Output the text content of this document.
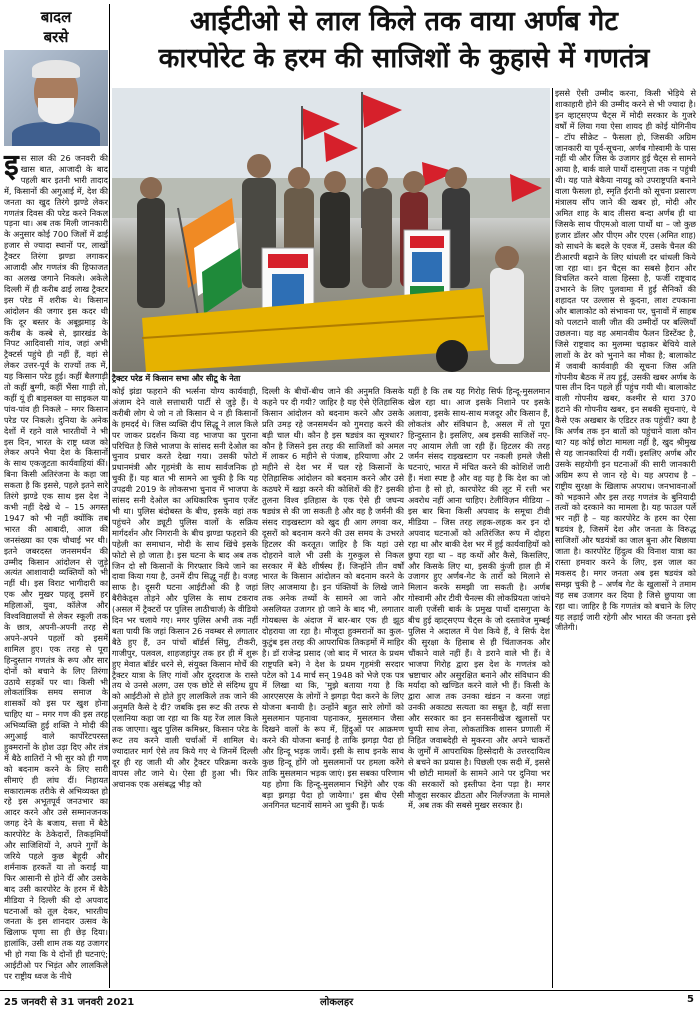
बादल
बरसे	आईटीओ से लाल किले तक वाया अर्णब गेट
कारपोरेट के हरम की साजिशों के कुहासे में गणतंत्र
ट्रैक्टर परेड में किसान सभा और सीटू के नेता
इस साल की 26 जनवरी की खास बात, आजादी के बाद पहली बार इतनी भारी तादाद में, किसानों की अगुआई में, देश की जनता का खुद तिरंगे झण्डे लेकर गणतंत्र दिवस की परेड करने निकल पड़ना था। अब तक मिली जानकारी के अनुसार कोई 700 जिलों में ढाई हजार से ज्यादा स्थानों पर, लाखों ट्रैक्टर तिरंगा झण्डा लगाकर आजादी और गणतंत्र की हिफाजत का अलख जगाने निकले। अकेले दिल्ली में ही करीब ढाई लाख ट्रैक्टर इस परेड में शरीक थे। किसान आंदोलन की जगार इस कदर थी कि दूर बस्तर के अबूझमाड़ के करीब के कस्बे से, झारखंड के निपट आदिवासी गांव, जहां अभी ट्रैक्टर्स पहुंचे ही नहीं हैं, वहां से लेकर उत्तर-पूर्व के राज्यों तक में, यह किसान परेड हुई। कहीं बैलगाड़ी तो कहीं बुग्गी, कहीं भैंसा गाड़ी तो, कहीं यूं ही बाइसक्ल या साइकल या पांव-पांव ही निकले – मगर किसान परेड पर निकले। दुनिया के अनेक देशों में रहने वाले भारतीयों ने भी इस दिन, भारत के राष्ट्र ध्वज को लेकर अपने भैया देश के किसानों के साथ एकजुटता कार्यवाहियां कीं। बिना किसी अतिरंजना के कहा जा सकता है कि इससे, पहले इतने सारे तिरंगे झण्डे एक साथ इस देश ने कभी नहीं देखे थे – 15 अगस्त 1947 को भी नहीं क्योंकि तब भारत की आबादी, आज की जनसंख्या का एक चौथाई भर थी। इतने जबरदस्त जनसमर्थन की उम्मीद किसान आंदोलन से जुड़े अत्यंत आशावादी व्यक्तियों को भी नहीं थी। इस विराट भागीदारी का एक और मुखर पहलू इसमें हर महिलाओं, युवा, कॉलेज और विश्वविद्यालयों से लेकर स्कूली तक के छात्र, अपनी-अपनी तरह से अपने-अपने पहलों को इसमें शामिल हुए। एक तरह से पूरा हिन्दुस्तान गणतंत्र के रूप और सार दोनों को बचाने के लिए तिरंगा उठाये सड़कों पर था। किसी भी लोकतांत्रिक समय समाज के शासकों को इस पर खुश होना चाहिए था – मगर गण की इस तरह अभिव्यक्ति हुई शक्ति ने मोदी की अगुआई वाले कार्पोरेटपरस्त हुक्मरानों के होश उड़ा दिए और तंत्र में बैठे शातिरों ने भी सुर को ही गण को बदनाम करने के लिए सारी सीमाएं ही लांघ दीं। निहायत सकारात्मक तरीके से अभिव्यक्त हो रहे इस अभूतपूर्व जनउभार का आदर करने और उसे सम्मानजनक जगह देने के बजाय, सत्ता में बैठे कारपोरेट के ठेकेदारों, तिकड़मियों और साजिशियों ने, अपने गुर्गों के जरिये पहले कुछ बेहूदी और शर्मनाक हरकतें या तो कराईं या फिर आसानी से होने दीं और उसके बाद उसी कारपोरेट के हरम में बैठे मीडिया ने दिल्ली की दो अपवाद घटनाओं को तूल देकर, भारतीय जनता के इस शानदार उत्सव के खिलाफ घृणा सा ही छेड़ दिया। हालांकि, उसी शाम तक यह उजागर भी हो गया कि ये दोनों ही घटनाएं; आईटीओ पर भिड़ंत और लालकिले पर राष्ट्रीय ध्वज के नीचे
कोई झंडा फहराने की भर्त्सना योग्य कार्यवाही, अंजाम देने वाले सत्ताधारी पार्टी से जुड़े हैं। ये करीबी लोग थे जो न तो किसान थे न ही किसानों के हमदर्द थे। जिस व्यक्ति दीप सिद्धू ने लाल किले पर जाकर प्रदर्शन किया वह भाजपा का पुराना परिचित है जिसे भाजपा के सांसद सनी देओल का चुनाव प्रचार करते देखा गया। उसकी फोटो प्रधानमंत्री और गृहमंत्री के साथ सार्वजनिक हो चुकी हैं। यह बात भी सामने आ चुकी है कि यह उपद्रवी 2019 के लोकसभा चुनाव में भाजपा के सांसद सनी देओल का अधिकारिक चुनाव एजेंट भी था। पुलिस बंदोबस्त के बीच, इसके वहां तक पहुंचने और ड्यूटी पुलिस वालों के सक्रिय मार्गदर्शन और निगरानी के बीच झण्डा फहराने की पहेली का समाधान, मोदी के साथ खिंचे इसके फोटो से हो जाता है। इस घटना के बाद अब तक जिन दो सौ किसानों के गिरफ्तार किये जाने का दावा किया गया है, उनमें दीप सिद्धू नहीं है। वजह साफ है। दूसरी घटना आईटीओ की है जहां बैरीकेड्स तोड़ने और पुलिस के साथ टकराव (असल में ट्रैक्टरों पर पुलिस लाठीचार्ज) के वीडियो दिन भर चलाये गए। मगर पुलिस अभी तक नहीं बता पायी कि जहां किसान 26 नवम्बर से लगातार बैठे हुए हैं, उन पांचों बॉर्डर्स सिंघु, टीकरी, गाजीपुर, पलवल, शाहजहांपुर तक हर ही में शुरू हुए मेवात बॉर्डर धरने से, संयुक्त किसान मोर्चे की ट्रैक्टर यात्रा के लिए गांवों और दूरदराज के रास्ते तय थे उनसे अलग, उस एक छोटे से संदिग्ध ग्रुप को आईटीओ से होते हुए लालकिले तक जाने की अनुमति कैसे दे दी? जबकि इस रूट की तरफ से एलानिया कहा जा रहा था कि यह रेंज लाल किले तक जाएगा। खुद पुलिस कमिश्नर, किसान परेड के रूट तय करने वाली चर्चाओं में शामिल थे। ज्यादातर मार्ग ऐसे तय किये गए थे जिनमें दिल्ली दूर ही रह जाती थी और ट्रैक्टर परिक्रमा करके वापस लौट जाने थे। ऐसा ही हुआ भी। फिर अचानक एक असंबद्ध भीड़ को
दिल्ली के बीचों-बीच जाने की अनुमति किसके कहने पर दी गयी? जाहिर है यह ऐसे ऐतिहासिक किसान आंदोलन को बदनाम करने और उसके प्रति उमड़ रहे जनसमर्थन को गुमराह करने की बड़ी चाल थी। कौन है इस षड्यंत्र का सूत्रधार? कौन है जिसने इस तरह की साजिशों को अमल में लाकर 6 महीने से पंजाब, हरियाणा और 2 महीने से देश भर में चल रहे किसानों के ऐतिहासिक आंदोलन को बदनाम करने और उसे कठघरे में खड़ा करने की कोशिशें की हैं? इसकी तुलना विश्व इतिहास के एक ऐसे ही जघन्य षड्यंत्र से की जा सकती है और वह है जर्मनी की संसद राइखस्टाग को खुद ही आग लगवा कर, दूसरों को बदनाम करने की उस समय के उभरते हिटलर की करतूत। जाहिर है कि यहां उसे दोहराने वाले भी उसी के गुरुकुल से निकल सरकार में बैठे शीर्षस्थ हैं। जिन्होंने तीन वर्षों भारत के किसान आंदोलन को बदनाम करने के लिए आजमाया है। इन पंक्तियों के लिखे जाने तक अनेक तथ्यों के सामने आ जाने और असलियत उजागर हो जाने के बाद भी, लगातार गोयबल्स के अंदाज में बार-बार एक ही झूठ दोहराया जा रहा है। मौजूदा हुक्मरानों का कुल-कुटुंब इस तरह की आपराधिक तिकड़मों में माहिर है। डॉ राजेन्द्र प्रसाद (जो बाद में भारत के प्रथम राष्ट्रपति बने) ने देश के प्रथम गृहमंत्री सरदार पटेल को 14 मार्च सन् 1948 को भेजे एक पत्र में लिखा था कि, 'मुझे बताया गया है कि आरएसएस के लोगों ने झगड़ा पैदा करने के लिए योजना बनायी है। उन्होंने बहुत सारे लोगों को मुसलमान पहनावा पहनाकर, मुसलमान जैसा दिखने वालों के रूप में, हिंदुओं पर आक्रमण करने की योजना बनाई है ताकि झगड़ा पैदा हो और हिन्दू भड़क जायें। इसी के साथ इनके साथ कुछ हिन्दू होंगे जो मुसलमानों पर हमला करेंगे ताकि मुसलमान भड़क जाएं। इस सबका परिणाम यह होगा कि हिन्दू-मुसलमान भिड़ेंगे और एक बड़ा झगड़ा पैदा हो जायेगा।' इस बीच ऐसी अनगिनत घटनायें सामने आ चुकी हैं। फर्क
यहीं है कि तब यह गिरोह सिर्फ हिन्दू-मुसलमान खेल रहा था। आज इसके निशाने पर इसके अलावा, इसके साथ-साथ मजदूर और किसान हैं, लोकतंत्र और संविधान है, असल में तो पूरा हिन्दुस्तान है। इसलिए, अब इसकी साजिशें नए-नए आयाम लेती जा रही हैं। हिटलर की तरह जर्मन संसद राइखस्टाग पर नकली हमले जैसी घटनाएं, भारत में मंचित करने की कोशिशें जारी हैं। मंशा स्पष्ट है और वह यह है कि देश का जो होना है सो हो, कारपोरेट की लूट में रत्ती भर अवरोध नहीं आना चाहिए। टेलीविज़न मीडिया – इस बार बिना किसी अपवाद के समूचा टीवी मीडिया – जिस तरह लहक-लहक कर इन दो अपवाद घटनाओं को अतिरंजित रूप में दोहरा रहा था और बाकी देश भर में हुई कार्यवाहियों को छुपा रहा था – वह कथों और कैसे, किसलिए, और किसके लिए था, इसकी कुंजी हाल ही में उजागर हुए अर्णब-गेट के तारों को मिलाने से मिलान करके समझी जा सकती है। अर्णब गोस्वामी और टीवी चैनल्स की लोकप्रियता जांचने वाली एजेंसी बार्क के प्रमुख पार्थो दासगुप्ता के बीच हुई व्हाट्सएप्प चैट्स के जो दस्तावेज मुम्बई पुलिस ने अदालत में पेश किये हैं, वे सिर्फ देश की सुरक्षा के हिसाब से ही चिंताजनक और चौंकाने वाले नहीं हैं। वे डराने वाले भी हैं। वे भाजपा गिरोह द्वारा इस देश के गणतंत्र को भ्रष्टाचार और असुरक्षित बनाने और संविधान की मर्यादा को खण्डित करने वाले भी हैं। किसी के द्वारा आज तक उनका खंडन न करना जहां उनकी अकाट्य सत्यता का सबूत है, वहीं सत्ता और सरकार का इन सनसनीखेज खुलासों पर चुप्पी साध लेना, लोकतांत्रिक शासन प्रणाली में निहित जवाबदेही से मुकरना और अपने चाकरों के जुर्मों में आपराधिक हिस्सेदारी के उत्तरदायित्व से बचने का प्रयास है। पिछली एक सदी में, इससे भी छोटी मामलों के सामने आने पर दुनिया भर की सरकारों को इस्तीफा देना पड़ा है। मगर मौजूदा सरकार ढीठता और निर्लज्जता के मामले में, अब तक की सबसे मुखर सरकार है।
इससे ऐसी उम्मीद करना, किसी भेड़िये से शाकाहारी होने की उम्मीद करने से भी ज्यादा है। इन व्हाट्सएप्प चैट्स में मोदी सरकार के गुजरे वर्षों में लिया गया ऐसा शायद ही कोई योगिनीय – टॉप सीक्रेट – फैसला हो, जिसकी अग्रिम जानकारी या पूर्व-सूचना, अर्णब गोस्वामी के पास नहीं थी और जिस के उजागर हुई चैट्स से सामने आया है, बार्क वाले पार्थो दासगुप्ता तक न पहुंची थी। यह पाते बेकैया नायडू को उपराष्ट्रपति बनाने वाला फैसला हो, स्मृति ईरानी को सूचना प्रसारण मंत्रालय सौंप जाने की खबर हो, मोदी और अमित शाह के बाद तीसरा बन्दा अर्णब ही था जिसके साथ पीएमओ वाला पार्थो था – जो कुछ हजार डॉलर और पीएम और एएस (अमित शाह) को साधने के बदले के एवज में, उसके चैनल की टीआरपी बढ़ाने के लिए धांधली दर धांधली किये जा रहा था। इन चैट्स का सबसे हैरान और विचलित करने वाला हिस्सा है, फर्जी राष्ट्रवाद उभारने के लिए पुलवामा में हुई सैनिकों की शहादत पर उल्लास से कूदना, लाश टपकाना और बालाकोट को संभावना पर, चुनावों में साहब को पलटाने वाली जीत की उम्मीदों पर बल्लियाँ उछलना। यह वह अमानवीय फैलन डिस्टेंक्ट है, जिसे राष्ट्रवाद का मुलम्मा चढ़ाकर बेचिये वाले लाशों के ढेर को भुनाने का मौका है; बालाकोट में जवाबी कार्यवाही की सूचना जिस अति गोपनीय बैठक में तय हुई, उसकी खबर अर्णब के पास तीन दिन पहले ही पहुंच गयी थी। बालाकोट वाली गोपनीय खबर, कश्मीर से धारा 370 हटाने की गोपनीय खबर, इन सबकी सूचनाएं, ये कैसे एक अखबार के एडिटर तक पहुंचीं? क्या है कि अर्णब तक इन बातों को पहुंचाने वाला कौन था? यह कोई छोटा मामला नहीं है, खुद श्रीमुख से यह जानकारियां दी गयीं। इसलिए अर्णब और उसके सहयोगी इन घटनाओं की सारी जानकारी अग्रिम रूप से जान रहे थे। यह अपराध है – राष्ट्रीय सुरक्षा के खिलाफ अपराध। जनभावनाओं को भड़काने और इस तरह गणतंत्र के बुनियादी तत्वों को दरकाने का मामला है। यह फाउल पर्ले भर नहीं है – यह कारपोरेट के हरम का ऐसा षडयंत्र है, जिसमें देश और जनता के विरुद्ध साजिशों और षडयंत्रों का जाल बुना और बिछाया जाता है। कारपोरेट हिंदुत्व की विनाश यात्रा का रास्ता हमवार करने के लिए, इस जाल का मकसद है। मगर जनता अब इस षडयंत्र को समझ चुकी है – अर्णब गेट के खुलासों ने तमाम वह सब उजागर कर दिया है जिसे छुपाया जा रहा था। जाहिर है कि गणतंत्र को बचाने के लिए यह लड़ाई जारी रहेगी और भारत की जनता इसे जीतेगी।
25 जनवरी से 31 जनवरी 2021	लोकलहर	5
